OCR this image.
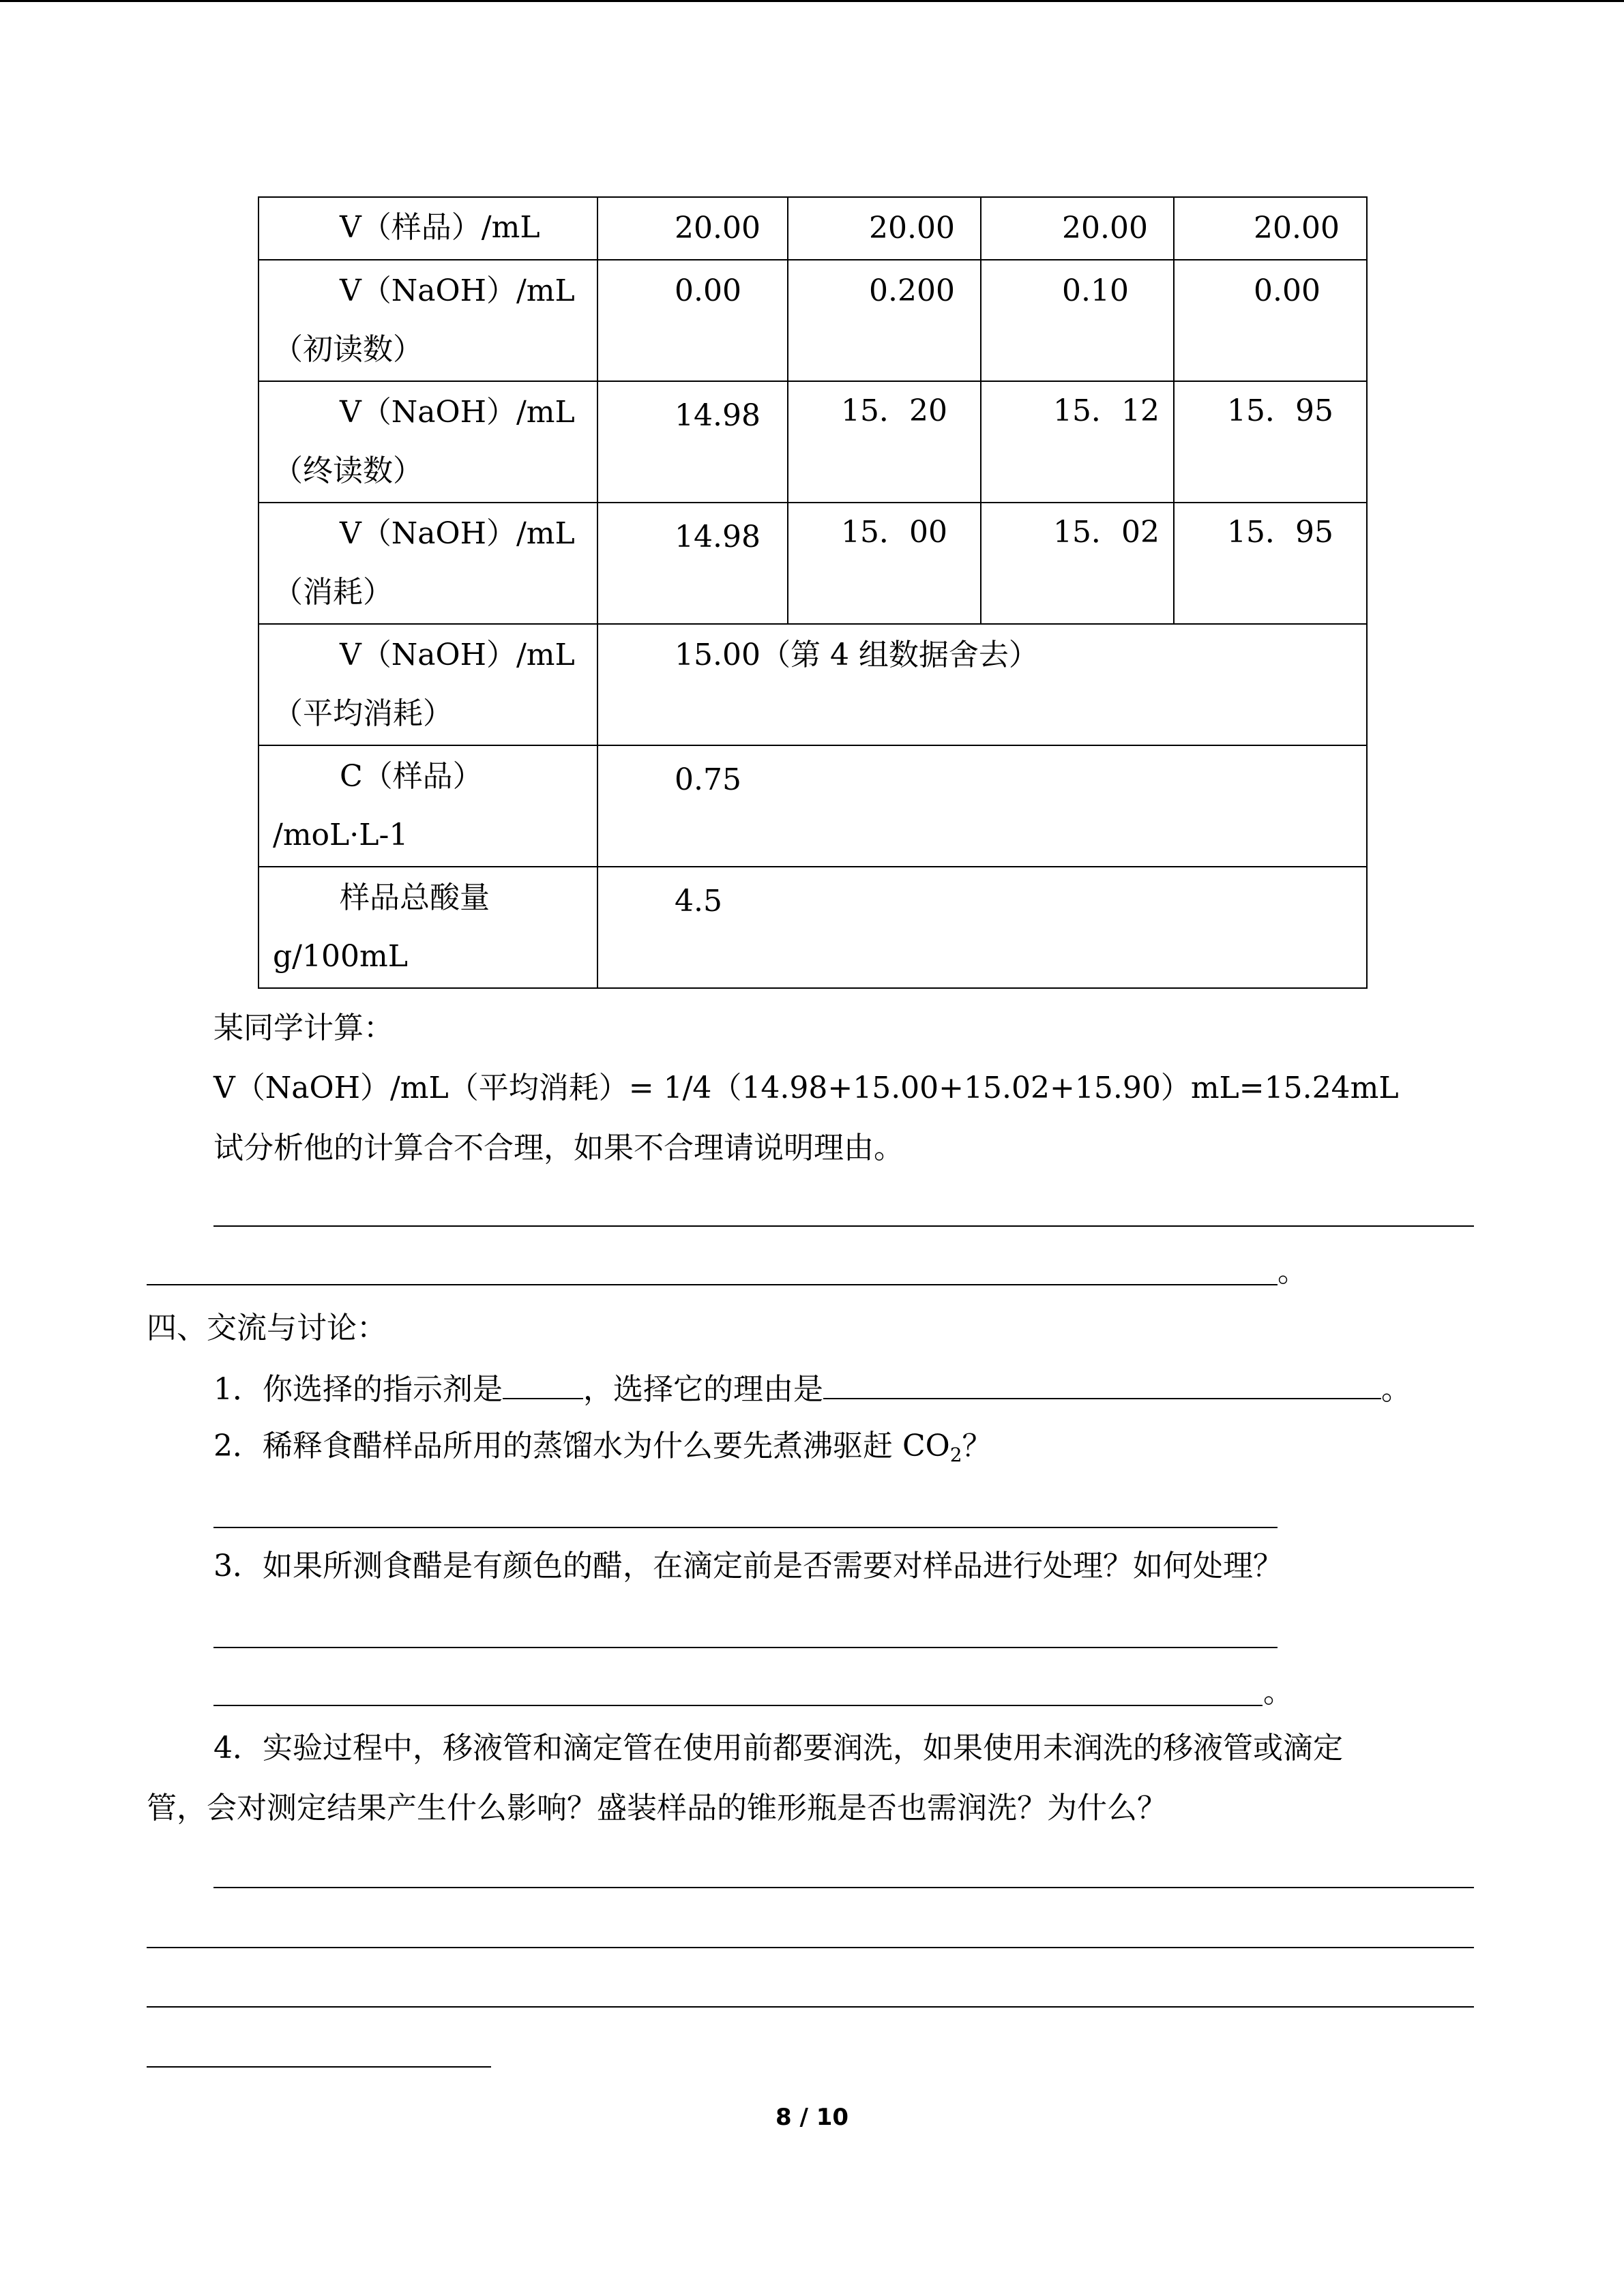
V（样品）/mL	20.00	20.00	20.00	20.00

V（NaOH）/mL
（初读数）	0.00	0.200	0.10	0.00

V（NaOH）/mL
（终读数）	14.98	15．20	15．12	15．95

V（NaOH）/mL
（消耗）	14.98	15．00	15．02	15．95

V（NaOH）/mL
（平均消耗）	15.00（第 4 组数据舍去）			

C（样品）
/moL·L-1	0.75			

样品总酸量
g/100mL	4.5			
某同学计算：
V（NaOH）/mL（平均消耗）= 1/4（14.98+15.00+15.02+15.90）mL=15.24mL
试分析他的计算合不合理，如果不合理请说明理由。
。
四、交流与讨论：
1．你选择的指示剂是	，选择它的理由是	。
2．稀释食醋样品所用的蒸馏水为什么要先煮沸驱赶 $CO_2$？
3．如果所测食醋是有颜色的醋，在滴定前是否需要对样品进行处理？如何处理？
。
4．实验过程中，移液管和滴定管在使用前都要润洗，如果使用未润洗的移液管或滴定
管，会对测定结果产生什么影响？盛装样品的锥形瓶是否也需润洗？为什么？
8 / 10
